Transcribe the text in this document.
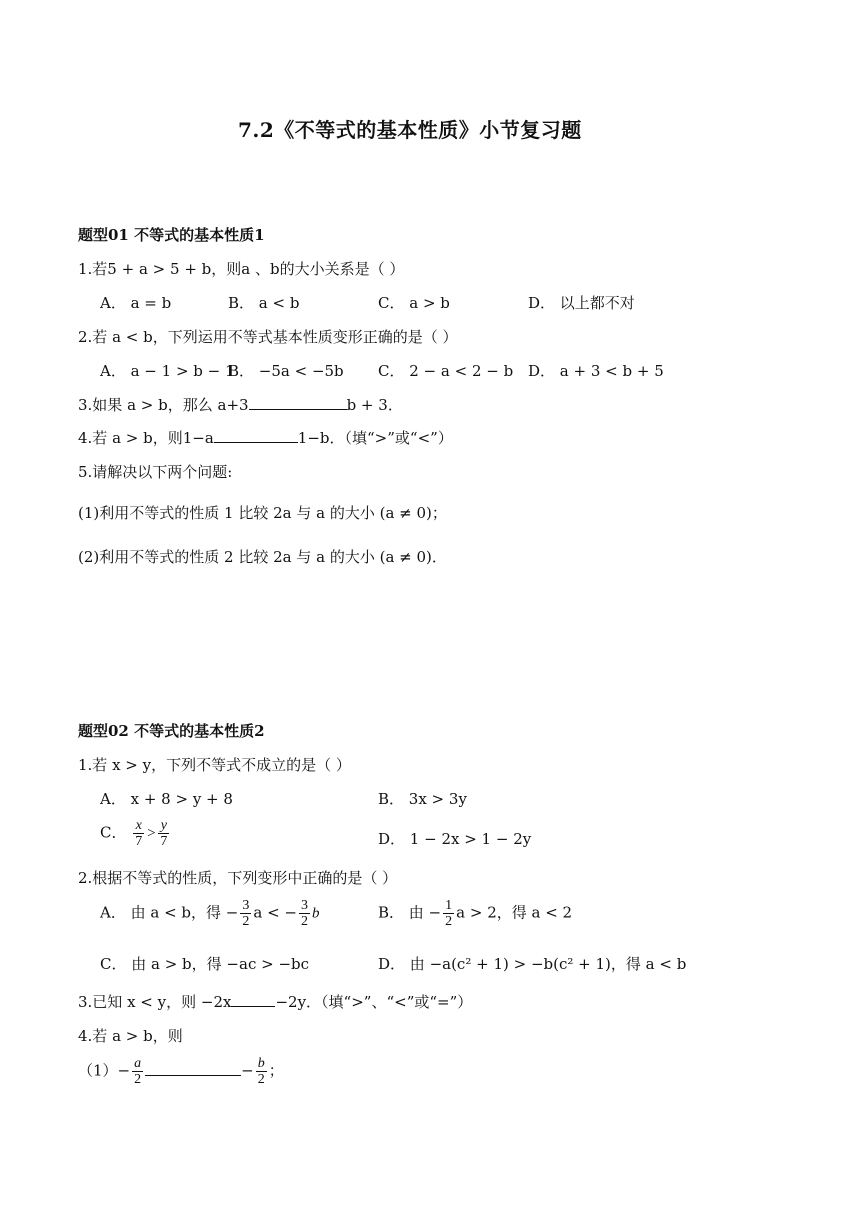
7.2《不等式的基本性质》小节复习题
题型01 不等式的基本性质1
1.若5 + a > 5 + b，则a 、b的大小关系是（ ）
A． a = b	B． a < b	C． a > b	D． 以上都不对
2.若 a < b，下列运用不等式基本性质变形正确的是（ ）
A． a − 1 > b − 1
B． −5a < −5b C． 2 − a < 2 − b D． a + 3 < b + 5
3.如果 a > b，那么 a+3	b + 3．
4.若 a > b，则1−a	1−b．（填“>”或“<”）
5.请解决以下两个问题:
(1)利用不等式的性质 1 比较 2a 与 a 的大小 (a ≠ 0)；
(2)利用不等式的性质 2 比较 2a 与 a 的大小 (a ≠ 0)．
题型02 不等式的基本性质2
1.若 x > y，下列不等式不成立的是（ ）
A． x + 8 > y + 8	B． 3x > 3y
C． $\frac{x}{7} > \frac{y}{7}$	D． 1 − 2x > 1 − 2y
2.根据不等式的性质，下列变形中正确的是（ ）
A． 由 a < b，得 − $\frac{3}{2}$ a < − $\frac{3}{2}$ b	B． 由 − $\frac{1}{2}$ a > 2，得 a < 2
C． 由 a > b，得 −ac > −bc	D． 由 −a(c² + 1) > −b(c² + 1)，得 a < b
3.已知 x < y，则 −2x	−2y．（填“>”、“<”或“=”）
4.若 a > b，则
$(1)- \frac{a}{2}$	− $\frac{b}{2}$ ；
